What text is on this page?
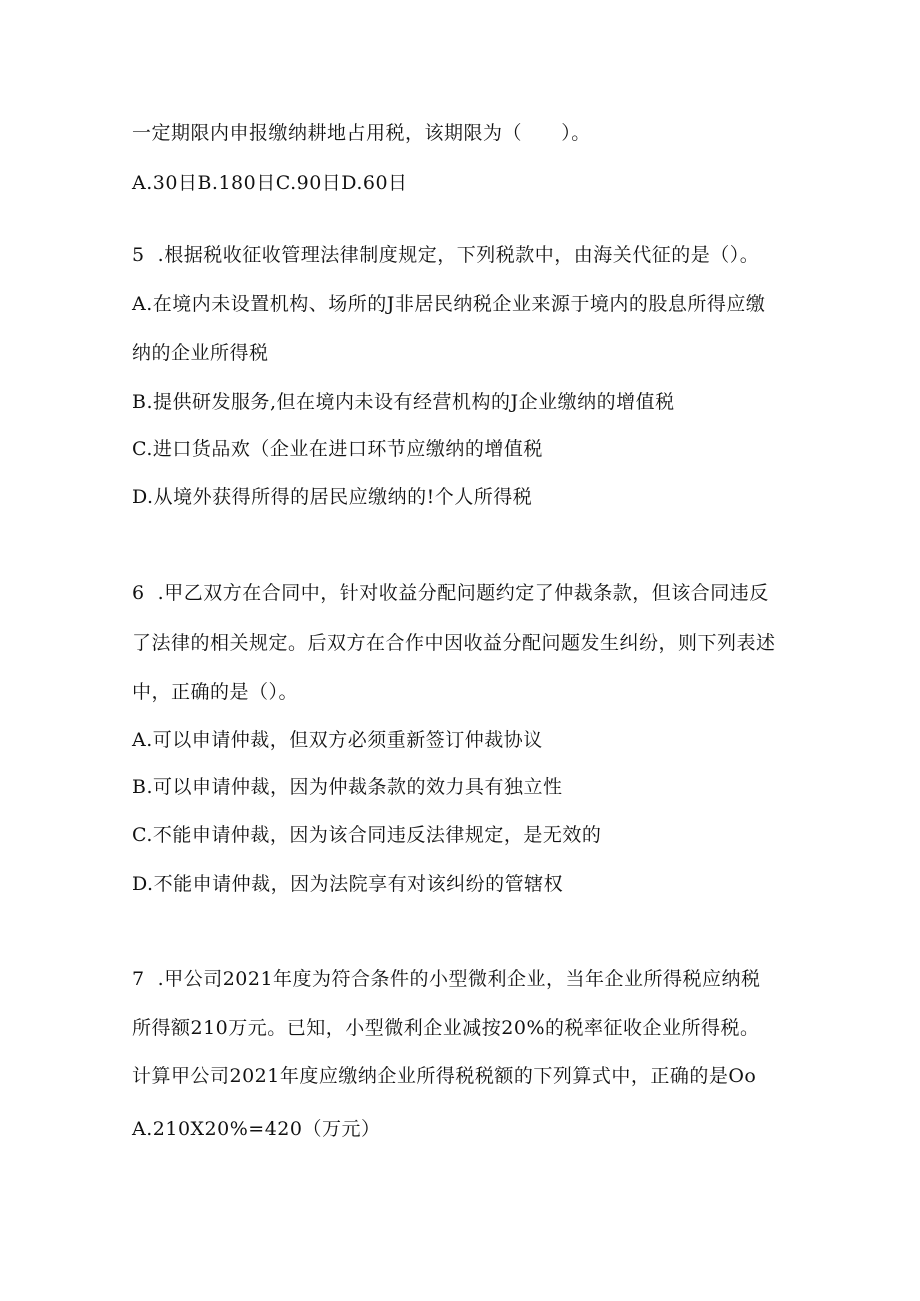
一定期限内申报缴纳耕地占用税，该期限为（      ）。
A.30日B.180日C.90日D.60日
5  .根据税收征收管理法律制度规定，下列税款中，由海关代征的是（）。
A.在境内未设置机构、场所的J非居民纳税企业来源于境内的股息所得应缴
纳的企业所得税
B.提供研发服务,但在境内未设有经营机构的J企业缴纳的增值税
C.进口货品欢（企业在进口环节应缴纳的增值税
D.从境外获得所得的居民应缴纳的!个人所得税
6  .甲乙双方在合同中，针对收益分配问题约定了仲裁条款，但该合同违反
了法律的相关规定。后双方在合作中因收益分配问题发生纠纷，则下列表述
中，正确的是（）。
A.可以申请仲裁，但双方必须重新签订仲裁协议
B.可以申请仲裁，因为仲裁条款的效力具有独立性
C.不能申请仲裁，因为该合同违反法律规定，是无效的
D.不能申请仲裁，因为法院享有对该纠纷的管辖权
7  .甲公司2021年度为符合条件的小型微利企业，当年企业所得税应纳税
所得额210万元。已知，小型微利企业减按20%的税率征收企业所得税。
计算甲公司2021年度应缴纳企业所得税税额的下列算式中，正确的是Oo
A.210X20%=420（万元）
